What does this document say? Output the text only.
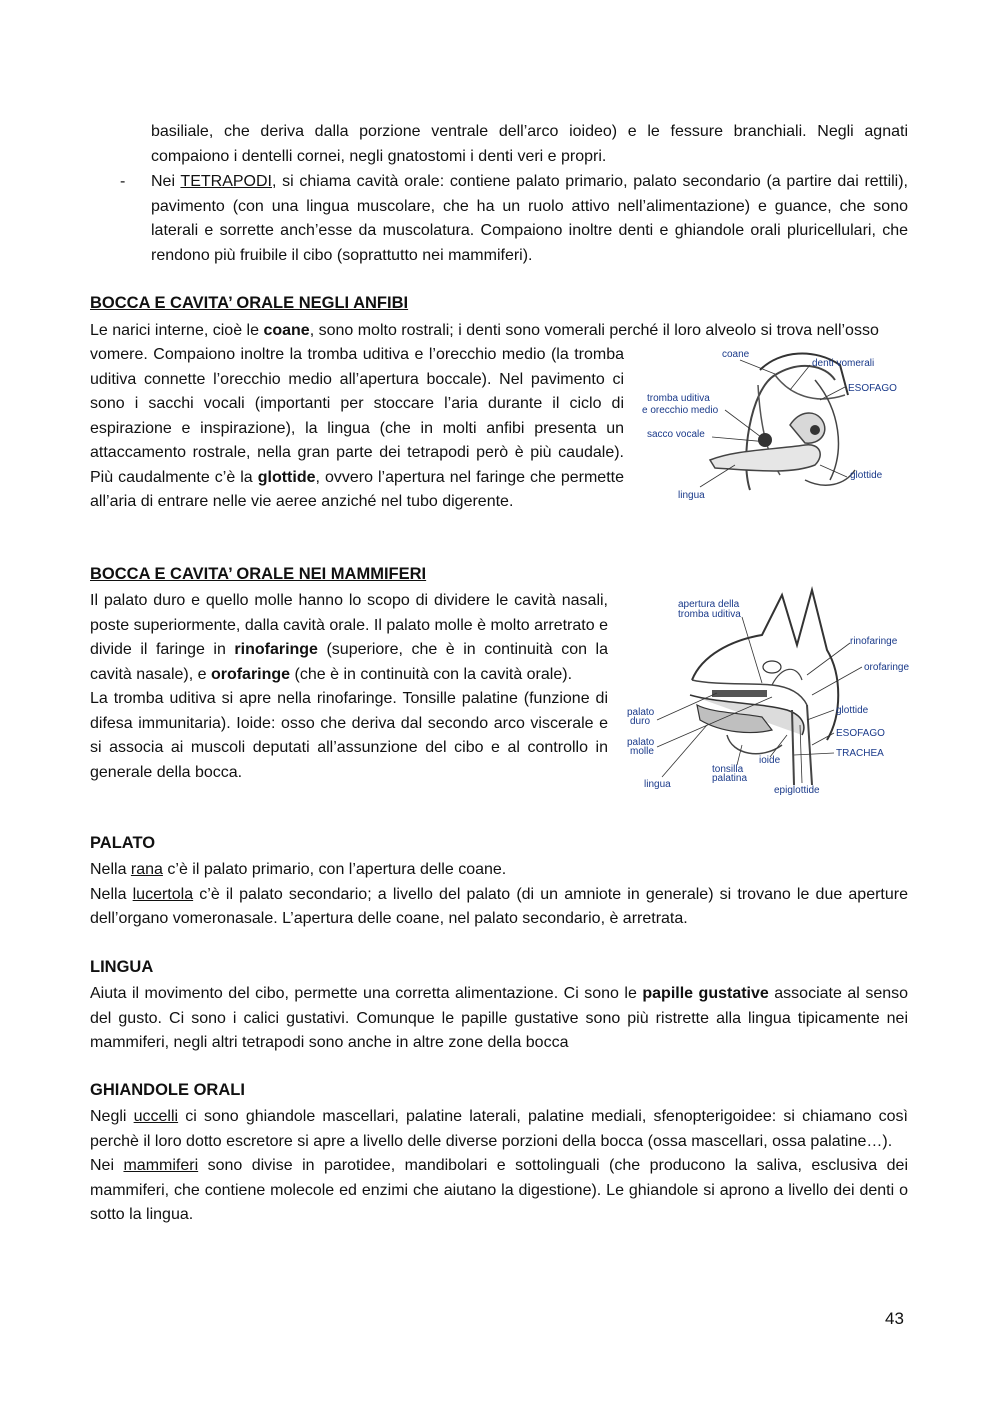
basiliale, che deriva dalla porzione ventrale dell’arco ioideo) e le fessure branchiali. Negli agnati compaiono i dentelli cornei, negli gnatostomi i denti veri e propri.
- Nei TETRAPODI, si chiama cavità orale: contiene palato primario, palato secondario (a partire dai rettili), pavimento (con una lingua muscolare, che ha un ruolo attivo nell’alimentazione) e guance, che sono laterali e sorrette anch’esse da muscolatura. Compaiono inoltre denti e ghiandole orali pluricellulari, che rendono più fruibile il cibo (soprattutto nei mammiferi).
BOCCA E CAVITA’ ORALE NEGLI ANFIBI
Le narici interne, cioè le coane, sono molto rostrali; i denti sono vomerali perché il loro alveolo si trova nell’osso
vomere. Compaiono inoltre la tromba uditiva e l’orecchio medio (la tromba uditiva connette l’orecchio medio all’apertura boccale). Nel pavimento ci sono i sacchi vocali (importanti per stoccare l’aria durante il ciclo di espirazione e inspirazione), la lingua (che in molti anfibi presenta un attaccamento rostrale, nella gran parte dei tetrapodi però è più caudale). Più caudalmente c’è la glottide, ovvero l’apertura nel faringe che permette all’aria di entrare nelle vie aeree anziché nel tubo digerente.
coane
denti vomerali
ESOFAGO
tromba uditiva
e orecchio medio
sacco vocale
glottide
lingua
BOCCA E CAVITA’ ORALE NEI MAMMIFERI
Il palato duro e quello molle hanno lo scopo di dividere le cavità nasali, poste superiormente, dalla cavità orale. Il palato molle è molto arretrato e divide il faringe in rinofaringe (superiore, che è in continuità con la cavità nasale), e orofaringe (che è in continuità con la cavità orale).
La tromba uditiva si apre nella rinofaringe. Tonsille palatine (funzione di difesa immunitaria). Ioide: osso che deriva dal secondo arco viscerale e si associa ai muscoli deputati all’assunzione del cibo e al controllo in generale della bocca.
apertura della
tromba uditiva
rinofaringe
orofaringe
palato
duro
palato
molle
glottide
ESOFAGO
TRACHEA
ioide
tonsilla
palatina
lingua
epiglottide
PALATO
Nella rana c’è il palato primario, con l’apertura delle coane.
Nella lucertola c’è il palato secondario; a livello del palato (di un amniote in generale) si trovano le due aperture dell’organo vomeronasale. L’apertura delle coane, nel palato secondario, è arretrata.
LINGUA
Aiuta il movimento del cibo, permette una corretta alimentazione. Ci sono le papille gustative associate al senso del gusto. Ci sono i calici gustativi. Comunque le papille gustative sono più ristrette alla lingua tipicamente nei mammiferi, negli altri tetrapodi sono anche in altre zone della bocca
GHIANDOLE ORALI
Negli uccelli ci sono ghiandole mascellari, palatine laterali, palatine mediali, sfenopterigoidee: si chiamano così perchè il loro dotto escretore si apre a livello delle diverse porzioni della bocca (ossa mascellari, ossa palatine…).
Nei mammiferi sono divise in parotidee, mandibolari e sottolinguali (che producono la saliva, esclusiva dei mammiferi, che contiene molecole ed enzimi che aiutano la digestione). Le ghiandole si aprono a livello dei denti o sotto la lingua.
43
